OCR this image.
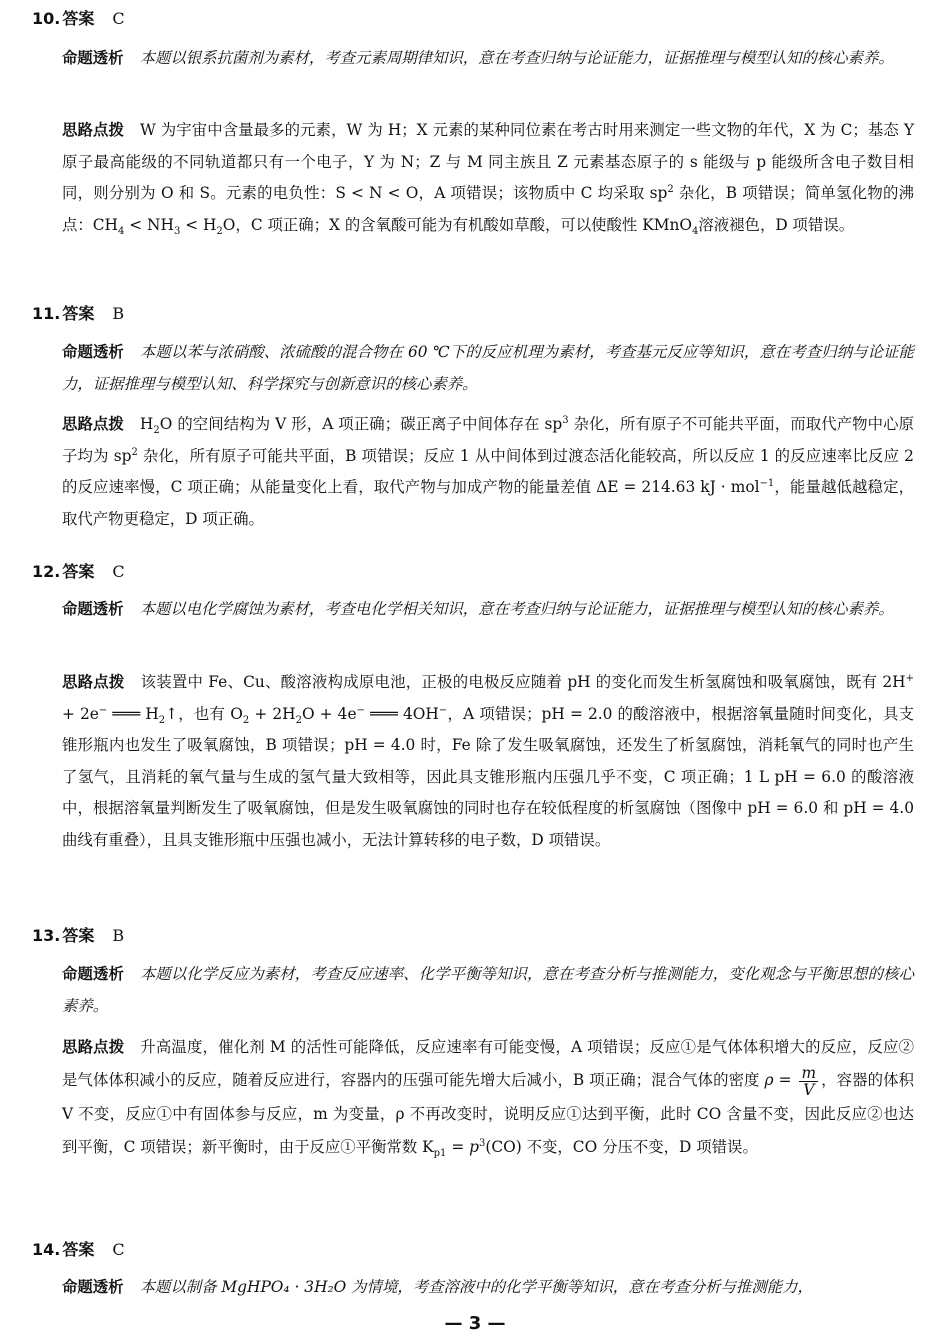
10. 答案 C
命题透析 本题以银系抗菌剂为素材，考查元素周期律知识，意在考查归纳与论证能力，证据推理与模型认知的核心素养。
思路点拨 W 为宇宙中含量最多的元素，W 为 H；X 元素的某种同位素在考古时用来测定一些文物的年代，X 为 C；基态 Y 原子最高能级的不同轨道都只有一个电子，Y 为 N；Z 与 M 同主族且 Z 元素基态原子的 s 能级与 p 能级所含电子数目相同，则分别为 O 和 S。元素的电负性：S < N < O，A 项错误；该物质中 C 均采取 $sp^2$ 杂化，B 项错误；简单氢化物的沸点：$CH_4 < NH_3 < H_2O$，C 项正确；X 的含氧酸可能为有机酸如草酸，可以使酸性 KMnO$_4$溶液褪色，D 项错误。
11. 答案 B
命题透析 本题以苯与浓硝酸、浓硫酸的混合物在 60 ℃下的反应机理为素材，考查基元反应等知识，意在考查归纳与论证能力，证据推理与模型认知、科学探究与创新意识的核心素养。
思路点拨 $H_2O$ 的空间结构为 V 形，A 项正确；碳正离子中间体存在 $sp^3$ 杂化，所有原子不可能共平面，而取代产物中心原子均为 $sp^2$ 杂化，所有原子可能共平面，B 项错误；反应 1 从中间体到过渡态活化能较高，所以反应 1 的反应速率比反应 2 的反应速率慢，C 项正确；从能量变化上看，取代产物与加成产物的能量差值 ΔE = 214.63 kJ · mol$^{-1}$，能量越低越稳定，取代产物更稳定，D 项正确。
12. 答案 C
命题透析 本题以电化学腐蚀为素材，考查电化学相关知识，意在考查归纳与论证能力，证据推理与模型认知的核心素养。
思路点拨 该装置中 Fe、Cu、酸溶液构成原电池，正极的电极反应随着 pH 的变化而发生析氢腐蚀和吸氧腐蚀，既有 2H+ + 2e− ═══ $H_2↑$，也有 $O_2 + 2H_2O + 4e^-$ ═══ 4OH−，A 项错误；pH = 2.0 的酸溶液中，根据溶氧量随时间变化，具支锥形瓶内也发生了吸氧腐蚀，B 项错误；pH = 4.0 时，Fe 除了发生吸氧腐蚀，还发生了析氢腐蚀，消耗氧气的同时也产生了氢气，且消耗的氧气量与生成的氢气量大致相等，因此具支锥形瓶内压强几乎不变，C 项正确；1 L pH = 6.0 的酸溶液中，根据溶氧量判断发生了吸氧腐蚀，但是发生吸氧腐蚀的同时也存在较低程度的析氢腐蚀（图像中 pH = 6.0 和 pH = 4.0 曲线有重叠），且具支锥形瓶中压强也减小，无法计算转移的电子数，D 项错误。
13. 答案 B
命题透析 本题以化学反应为素材，考查反应速率、化学平衡等知识，意在考查分析与推测能力，变化观念与平衡思想的核心素养。
思路点拨 升高温度，催化剂 M 的活性可能降低，反应速率有可能变慢，A 项错误；反应①是气体体积增大的反应，反应②是气体体积减小的反应，随着反应进行，容器内的压强可能先增大后减小，B 项正确；混合气体的密度 $\rho = \frac{m}{V}$ ，容器的体积 V 不变，反应①中有固体参与反应，m 为变量，ρ 不再改变时，说明反应①达到平衡，此时 CO 含量不变，因此反应②也达到平衡，C 项错误；新平衡时，由于反应①平衡常数 $K_{p1} = p^3(CO)$ 不变，CO 分压不变，D 项错误。
14. 答案 C
命题透析 本题以制备 MgHPO₄ · 3H₂O 为情境，考查溶液中的化学平衡等知识，意在考查分析与推测能力，
— 3 —
